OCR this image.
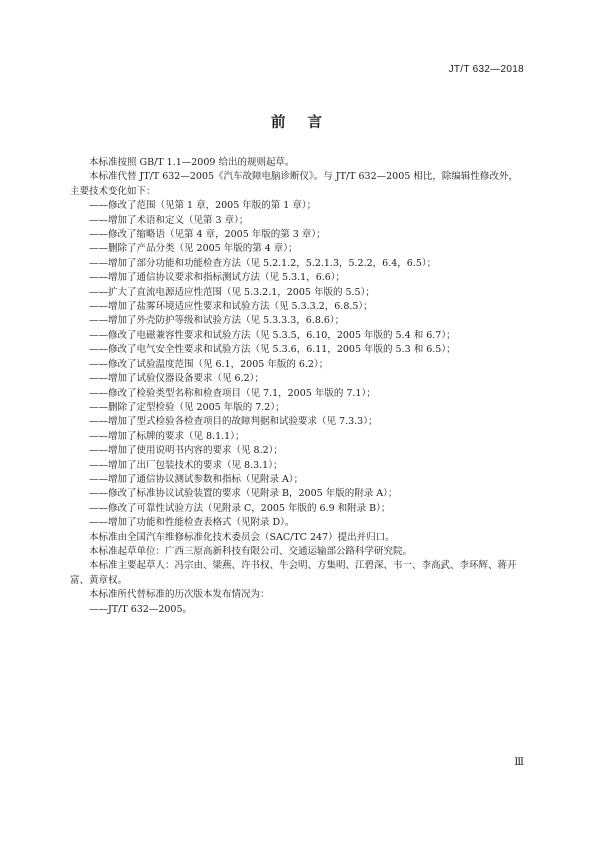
JT/T 632—2018
前言

本标准按照 GB/T 1.1—2009 给出的规则起草。

本标准代替 JT/T 632—2005《汽车故障电脑诊断仪》。与 JT/T 632—2005 相比，除编辑性修改外，主要技术变化如下：

——修改了范围（见第 1 章，2005 年版的第 1 章）；

——增加了术语和定义（见第 3 章）；

——修改了缩略语（见第 4 章，2005 年版的第 3 章）；

——删除了产品分类（见 2005 年版的第 4 章）；

——增加了部分功能和功能检查方法（见 5.2.1.2，5.2.1.3，5.2.2，6.4，6.5）；

——增加了通信协议要求和指标测试方法（见 5.3.1，6.6）；

——扩大了直流电源适应性范围（见 5.3.2.1，2005 年版的 5.5）；

——增加了盐雾环境适应性要求和试验方法（见 5.3.3.2，6.8.5）；

——增加了外壳防护等级和试验方法（见 5.3.3.3，6.8.6）；

——修改了电磁兼容性要求和试验方法（见 5.3.5，6.10，2005 年版的 5.4 和 6.7）；

——修改了电气安全性要求和试验方法（见 5.3.6，6.11，2005 年版的 5.3 和 6.5）；

——修改了试验温度范围（见 6.1，2005 年版的 6.2）；

——增加了试验仪器设备要求（见 6.2）；

——修改了检验类型名称和检查项目（见 7.1，2005 年版的 7.1）；

——删除了定型检验（见 2005 年版的 7.2）；

——增加了型式检验各检查项目的故障判据和试验要求（见 7.3.3）；

——增加了标牌的要求（见 8.1.1）；

——增加了使用说明书内容的要求（见 8.2）；

——增加了出厂包装技术的要求（见 8.3.1）；

——增加了通信协议测试参数和指标（见附录 A）；

——修改了标准协议试验装置的要求（见附录 B，2005 年版的附录 A）；

——修改了可靠性试验方法（见附录 C，2005 年版的 6.9 和附录 B）；

——增加了功能和性能检查表格式（见附录 D）。

本标准由全国汽车维修标准化技术委员会（SAC/TC 247）提出并归口。

本标准起草单位：广西三原高新科技有限公司、交通运输部公路科学研究院。

本标准主要起草人：冯宗由、梁燕、许书权、牛会明、方集明、江碧深、韦一、李高武、李环辉、蒋开富、黄章权。

本标准所代替标准的历次版本发布情况为：

——JT/T 632—2005。

Ⅲ
